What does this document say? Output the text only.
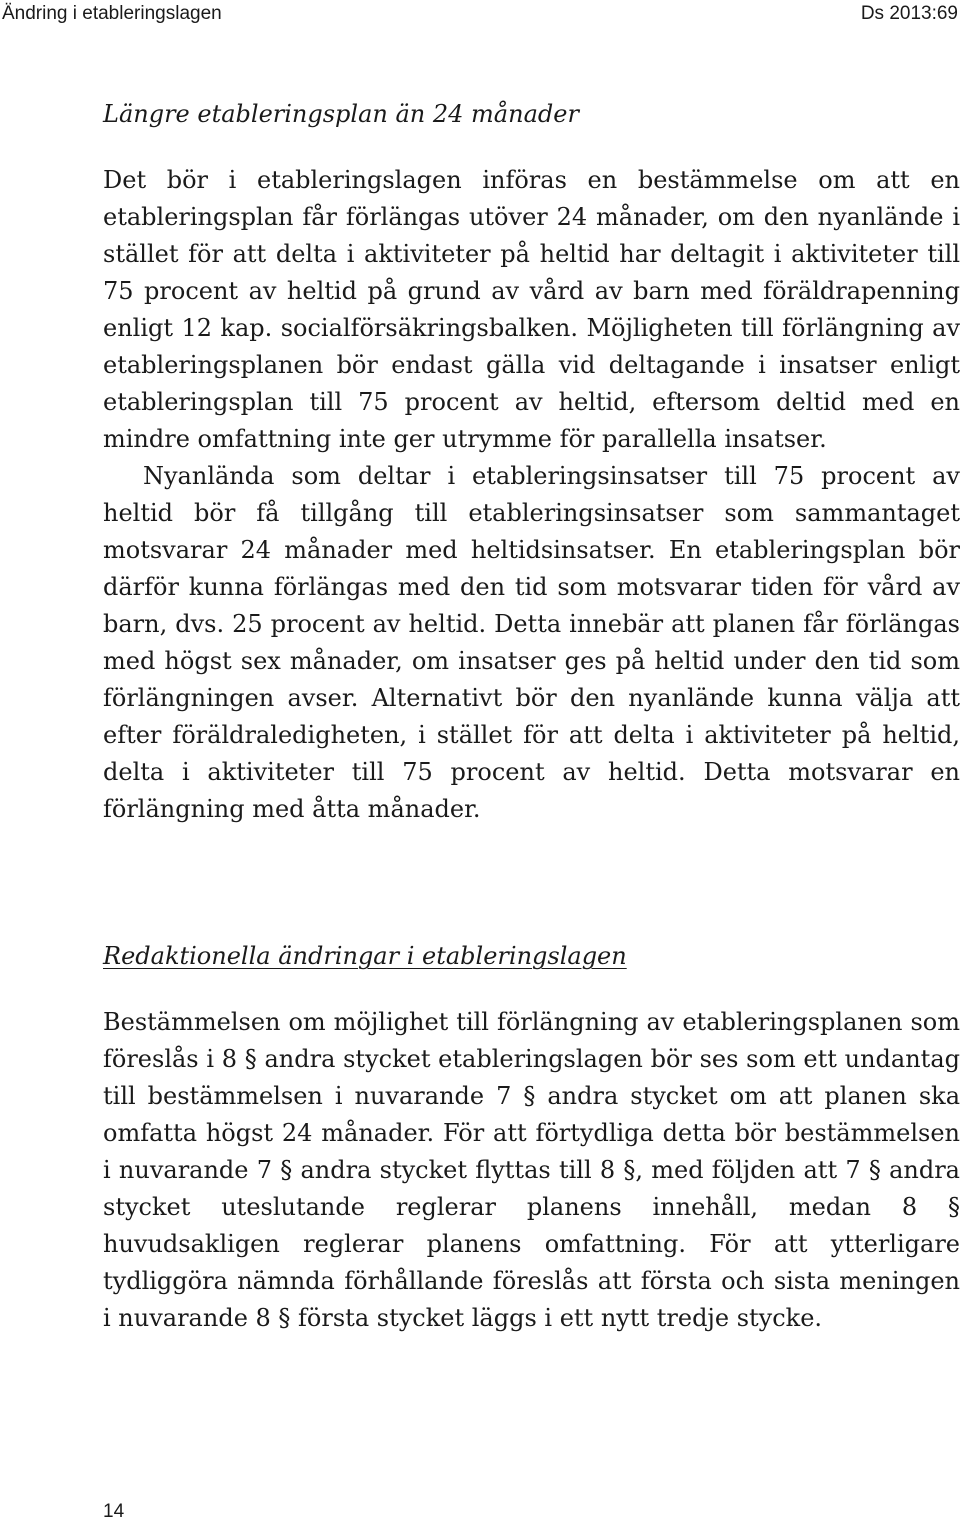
Ändring i etableringslagen	Ds 2013:69
Längre etableringsplan än 24 månader

Det bör i etableringslagen införas en bestämmelse om att en etableringsplan får förlängas utöver 24 månader, om den nyanlände i stället för att delta i aktiviteter på heltid har deltagit i aktiviteter till 75 procent av heltid på grund av vård av barn med föräldrapenning enligt 12 kap. socialförsäkringsbalken. Möjligheten till förlängning av etableringsplanen bör endast gälla vid deltagande i insatser enligt etableringsplan till 75 procent av heltid, eftersom deltid med en mindre omfattning inte ger utrymme för parallella insatser.

Nyanlända som deltar i etableringsinsatser till 75 procent av heltid bör få tillgång till etableringsinsatser som sammantaget motsvarar 24 månader med heltidsinsatser. En etableringsplan bör därför kunna förlängas med den tid som motsvarar tiden för vård av barn, dvs. 25 procent av heltid. Detta innebär att planen får förlängas med högst sex månader, om insatser ges på heltid under den tid som förlängningen avser. Alternativt bör den nyanlände kunna välja att efter föräldraledigheten, i stället för att delta i aktiviteter på heltid, delta i aktiviteter till 75 procent av heltid. Detta motsvarar en förlängning med åtta månader.

Redaktionella ändringar i etableringslagen

Bestämmelsen om möjlighet till förlängning av etableringsplanen som föreslås i 8 § andra stycket etableringslagen bör ses som ett undantag till bestämmelsen i nuvarande 7 § andra stycket om att planen ska omfatta högst 24 månader. För att förtydliga detta bör bestämmelsen i nuvarande 7 § andra stycket flyttas till 8 §, med följden att 7 § andra stycket uteslutande reglerar planens innehåll, medan 8 § huvudsakligen reglerar planens omfattning. För att ytterligare tydliggöra nämnda förhållande föreslås att första och sista meningen i nuvarande 8 § första stycket läggs i ett nytt tredje stycke.

14
